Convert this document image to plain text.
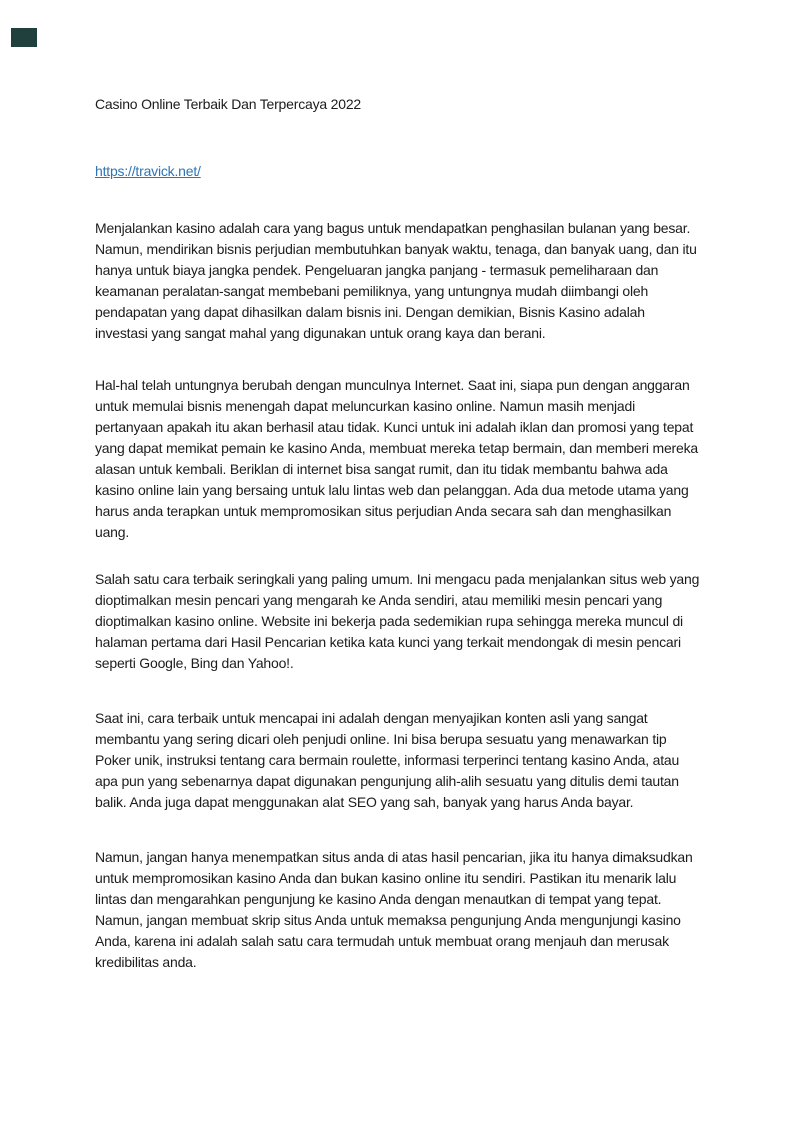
Casino Online Terbaik Dan Terpercaya 2022
https://travick.net/

Menjalankan kasino adalah cara yang bagus untuk mendapatkan penghasilan bulanan yang besar. Namun, mendirikan bisnis perjudian membutuhkan banyak waktu, tenaga, dan banyak uang, dan itu hanya untuk biaya jangka pendek. Pengeluaran jangka panjang - termasuk pemeliharaan dan keamanan peralatan-sangat membebani pemiliknya, yang untungnya mudah diimbangi oleh pendapatan yang dapat dihasilkan dalam bisnis ini. Dengan demikian, Bisnis Kasino adalah investasi yang sangat mahal yang digunakan untuk orang kaya dan berani.

Hal-hal telah untungnya berubah dengan munculnya Internet. Saat ini, siapa pun dengan anggaran untuk memulai bisnis menengah dapat meluncurkan kasino online. Namun masih menjadi pertanyaan apakah itu akan berhasil atau tidak. Kunci untuk ini adalah iklan dan promosi yang tepat yang dapat memikat pemain ke kasino Anda, membuat mereka tetap bermain, dan memberi mereka alasan untuk kembali. Beriklan di internet bisa sangat rumit, dan itu tidak membantu bahwa ada kasino online lain yang bersaing untuk lalu lintas web dan pelanggan. Ada dua metode utama yang harus anda terapkan untuk mempromosikan situs perjudian Anda secara sah dan menghasilkan uang.

Salah satu cara terbaik seringkali yang paling umum. Ini mengacu pada menjalankan situs web yang dioptimalkan mesin pencari yang mengarah ke Anda sendiri, atau memiliki mesin pencari yang dioptimalkan kasino online. Website ini bekerja pada sedemikian rupa sehingga mereka muncul di halaman pertama dari Hasil Pencarian ketika kata kunci yang terkait mendongak di mesin pencari seperti Google, Bing dan Yahoo!.

Saat ini, cara terbaik untuk mencapai ini adalah dengan menyajikan konten asli yang sangat membantu yang sering dicari oleh penjudi online. Ini bisa berupa sesuatu yang menawarkan tip Poker unik, instruksi tentang cara bermain roulette, informasi terperinci tentang kasino Anda, atau apa pun yang sebenarnya dapat digunakan pengunjung alih-alih sesuatu yang ditulis demi tautan balik. Anda juga dapat menggunakan alat SEO yang sah, banyak yang harus Anda bayar.

Namun, jangan hanya menempatkan situs anda di atas hasil pencarian, jika itu hanya dimaksudkan untuk mempromosikan kasino Anda dan bukan kasino online itu sendiri. Pastikan itu menarik lalu lintas dan mengarahkan pengunjung ke kasino Anda dengan menautkan di tempat yang tepat. Namun, jangan membuat skrip situs Anda untuk memaksa pengunjung Anda mengunjungi kasino Anda, karena ini adalah salah satu cara termudah untuk membuat orang menjauh dan merusak kredibilitas anda.
